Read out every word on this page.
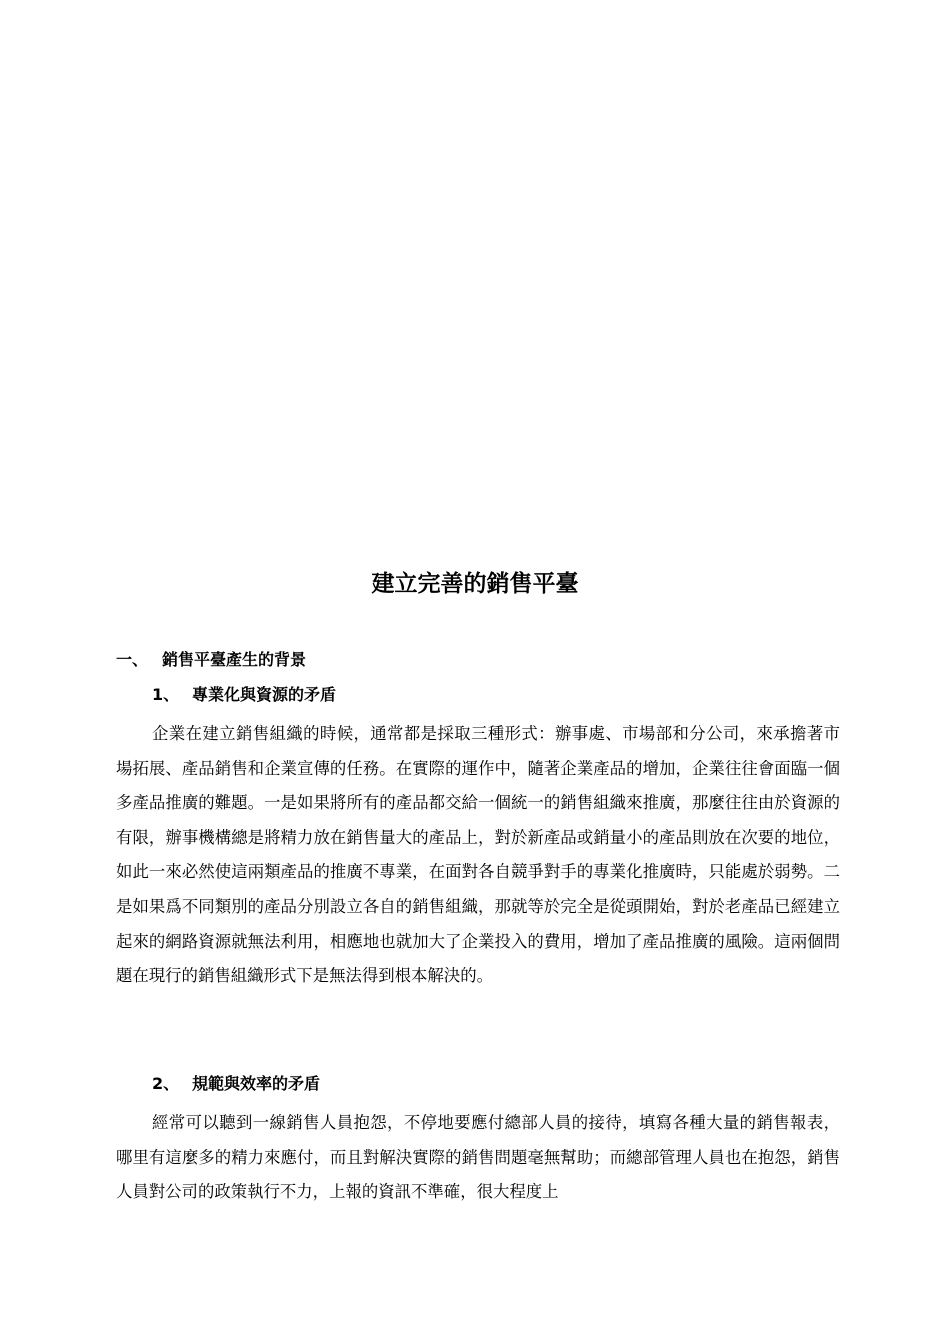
建立完善的銷售平臺
一、 銷售平臺產生的背景
1、 專業化與資源的矛盾

企業在建立銷售組織的時候，通常都是採取三種形式：辦事處、市場部和分公司，來承擔著市場拓展、產品銷售和企業宣傳的任務。在實際的運作中，隨著企業產品的增加，企業往往會面臨一個多產品推廣的難題。一是如果將所有的產品都交給一個統一的銷售組織來推廣，那麼往往由於資源的有限，辦事機構總是將精力放在銷售量大的產品上，對於新產品或銷量小的產品則放在次要的地位，如此一來必然使這兩類產品的推廣不專業，在面對各自競爭對手的專業化推廣時，只能處於弱勢。二是如果爲不同類別的產品分別設立各自的銷售組織，那就等於完全是從頭開始，對於老產品已經建立起來的網路資源就無法利用，相應地也就加大了企業投入的費用，增加了產品推廣的風險。這兩個問題在現行的銷售組織形式下是無法得到根本解決的。

2、 規範與效率的矛盾

經常可以聽到一線銷售人員抱怨，不停地要應付總部人員的接待，填寫各種大量的銷售報表，哪里有這麼多的精力來應付，而且對解決實際的銷售問題毫無幫助；而總部管理人員也在抱怨，銷售人員對公司的政策執行不力，上報的資訊不準確，很大程度上
